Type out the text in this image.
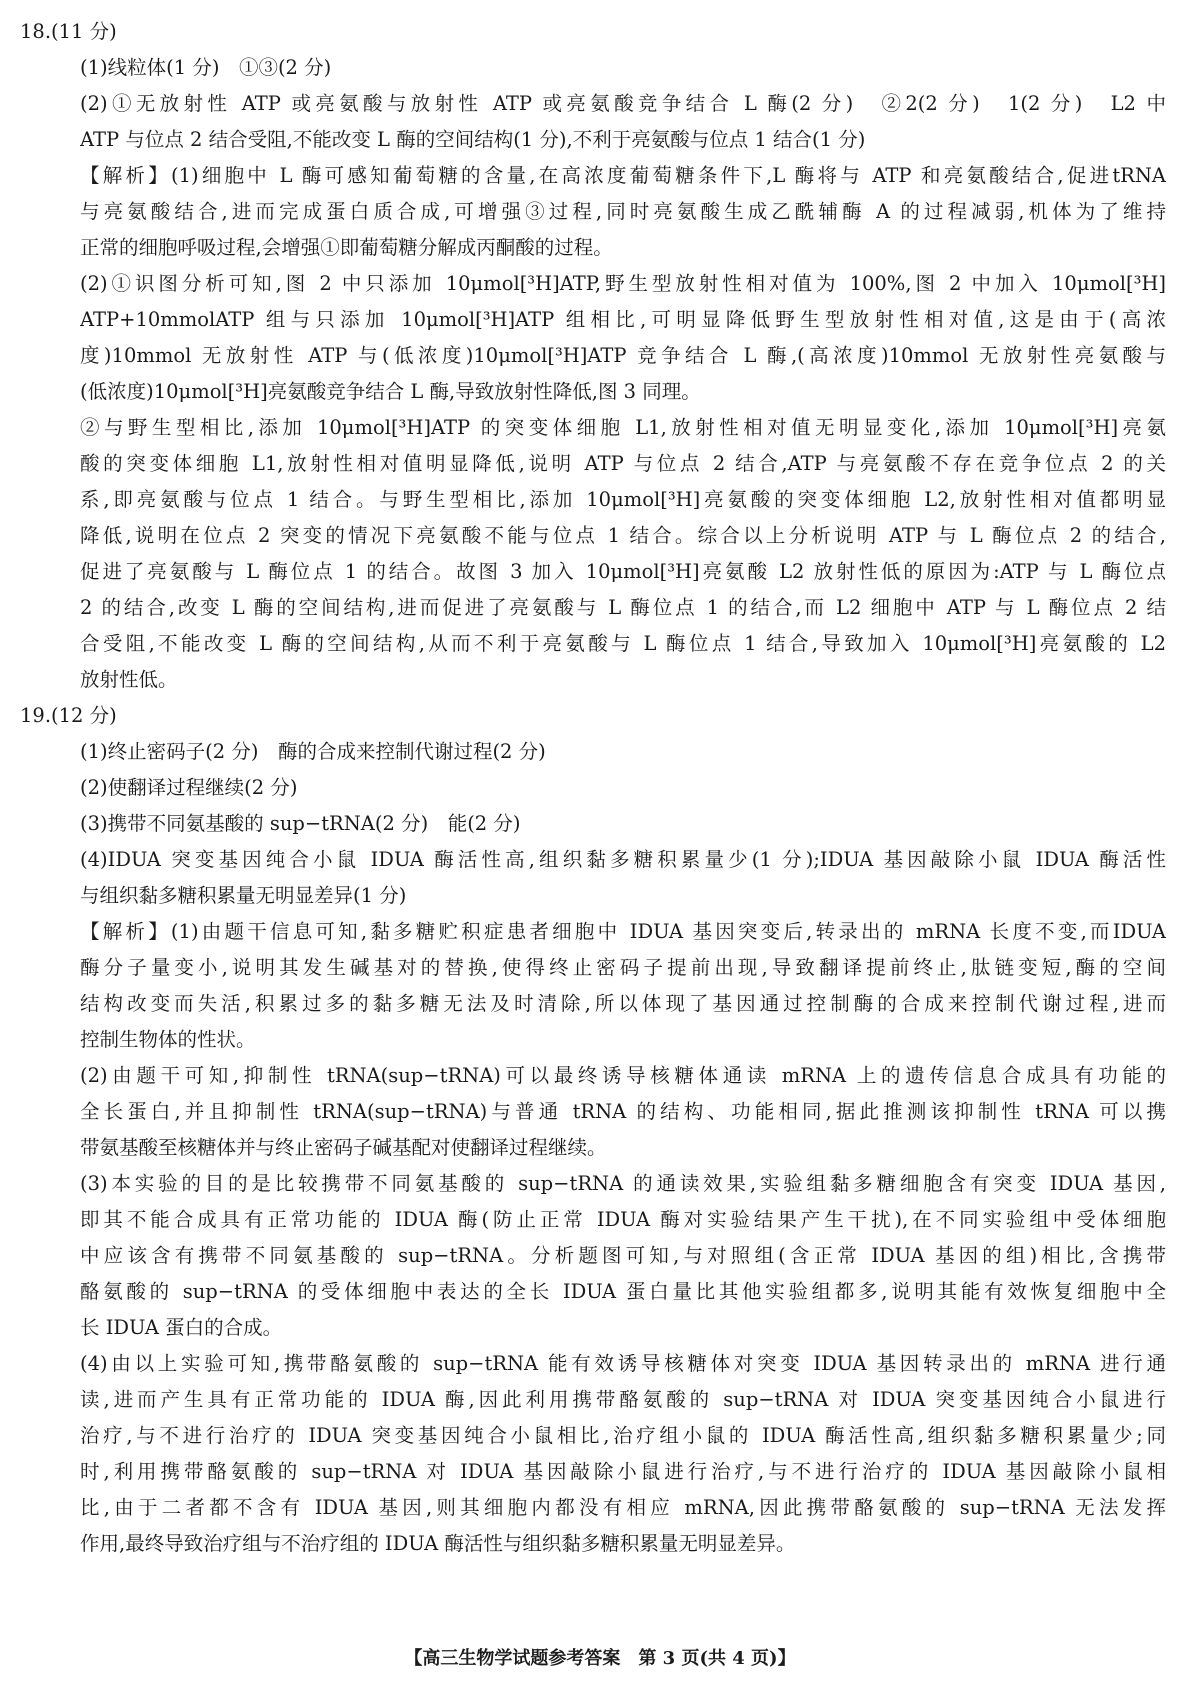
18.(11 分)
(1)线粒体(1 分)　①③(2 分)
(2)①无放射性 ATP 或亮氨酸与放射性 ATP 或亮氨酸竞争结合 L 酶(2 分)　②2(2 分)　1(2 分)　L2 中
ATP 与位点 2 结合受阻,不能改变 L 酶的空间结构(1 分),不利于亮氨酸与位点 1 结合(1 分)
【解析】(1)细胞中 L 酶可感知葡萄糖的含量,在高浓度葡萄糖条件下,L 酶将与 ATP 和亮氨酸结合,促进tRNA
与亮氨酸结合,进而完成蛋白质合成,可增强③过程,同时亮氨酸生成乙酰辅酶 A 的过程减弱,机体为了维持
正常的细胞呼吸过程,会增强①即葡萄糖分解成丙酮酸的过程。
(2)①识图分析可知,图 2 中只添加 10μmol[³H]ATP,野生型放射性相对值为 100%,图 2 中加入 10μmol[³H]
ATP+10mmolATP 组与只添加 10μmol[³H]ATP 组相比,可明显降低野生型放射性相对值,这是由于(高浓
度)10mmol 无放射性 ATP 与(低浓度)10μmol[³H]ATP 竞争结合 L 酶,(高浓度)10mmol 无放射性亮氨酸与
(低浓度)10μmol[³H]亮氨酸竞争结合 L 酶,导致放射性降低,图 3 同理。
②与野生型相比,添加 10μmol[³H]ATP 的突变体细胞 L1,放射性相对值无明显变化,添加 10μmol[³H]亮氨
酸的突变体细胞 L1,放射性相对值明显降低,说明 ATP 与位点 2 结合,ATP 与亮氨酸不存在竞争位点 2 的关
系,即亮氨酸与位点 1 结合。与野生型相比,添加 10μmol[³H]亮氨酸的突变体细胞 L2,放射性相对值都明显
降低,说明在位点 2 突变的情况下亮氨酸不能与位点 1 结合。综合以上分析说明 ATP 与 L 酶位点 2 的结合,
促进了亮氨酸与 L 酶位点 1 的结合。故图 3 加入 10μmol[³H]亮氨酸 L2 放射性低的原因为:ATP 与 L 酶位点
2 的结合,改变 L 酶的空间结构,进而促进了亮氨酸与 L 酶位点 1 的结合,而 L2 细胞中 ATP 与 L 酶位点 2 结
合受阻,不能改变 L 酶的空间结构,从而不利于亮氨酸与 L 酶位点 1 结合,导致加入 10μmol[³H]亮氨酸的 L2
放射性低。
19.(12 分)
(1)终止密码子(2 分)　酶的合成来控制代谢过程(2 分)
(2)使翻译过程继续(2 分)
(3)携带不同氨基酸的 sup−tRNA(2 分)　能(2 分)
(4)IDUA 突变基因纯合小鼠 IDUA 酶活性高,组织黏多糖积累量少(1 分);IDUA 基因敲除小鼠 IDUA 酶活性
与组织黏多糖积累量无明显差异(1 分)
【解析】(1)由题干信息可知,黏多糖贮积症患者细胞中 IDUA 基因突变后,转录出的 mRNA 长度不变,而IDUA
酶分子量变小,说明其发生碱基对的替换,使得终止密码子提前出现,导致翻译提前终止,肽链变短,酶的空间
结构改变而失活,积累过多的黏多糖无法及时清除,所以体现了基因通过控制酶的合成来控制代谢过程,进而
控制生物体的性状。
(2)由题干可知,抑制性 tRNA(sup−tRNA)可以最终诱导核糖体通读 mRNA 上的遗传信息合成具有功能的
全长蛋白,并且抑制性 tRNA(sup−tRNA)与普通 tRNA 的结构、功能相同,据此推测该抑制性 tRNA 可以携
带氨基酸至核糖体并与终止密码子碱基配对使翻译过程继续。
(3)本实验的目的是比较携带不同氨基酸的 sup−tRNA 的通读效果,实验组黏多糖细胞含有突变 IDUA 基因,
即其不能合成具有正常功能的 IDUA 酶(防止正常 IDUA 酶对实验结果产生干扰),在不同实验组中受体细胞
中应该含有携带不同氨基酸的 sup−tRNA。分析题图可知,与对照组(含正常 IDUA 基因的组)相比,含携带
酪氨酸的 sup−tRNA 的受体细胞中表达的全长 IDUA 蛋白量比其他实验组都多,说明其能有效恢复细胞中全
长 IDUA 蛋白的合成。
(4)由以上实验可知,携带酪氨酸的 sup−tRNA 能有效诱导核糖体对突变 IDUA 基因转录出的 mRNA 进行通
读,进而产生具有正常功能的 IDUA 酶,因此利用携带酪氨酸的 sup−tRNA 对 IDUA 突变基因纯合小鼠进行
治疗,与不进行治疗的 IDUA 突变基因纯合小鼠相比,治疗组小鼠的 IDUA 酶活性高,组织黏多糖积累量少;同
时,利用携带酪氨酸的 sup−tRNA 对 IDUA 基因敲除小鼠进行治疗,与不进行治疗的 IDUA 基因敲除小鼠相
比,由于二者都不含有 IDUA 基因,则其细胞内都没有相应 mRNA,因此携带酪氨酸的 sup−tRNA 无法发挥
作用,最终导致治疗组与不治疗组的 IDUA 酶活性与组织黏多糖积累量无明显差异。
【高三生物学试题参考答案　第 3 页(共 4 页)】
